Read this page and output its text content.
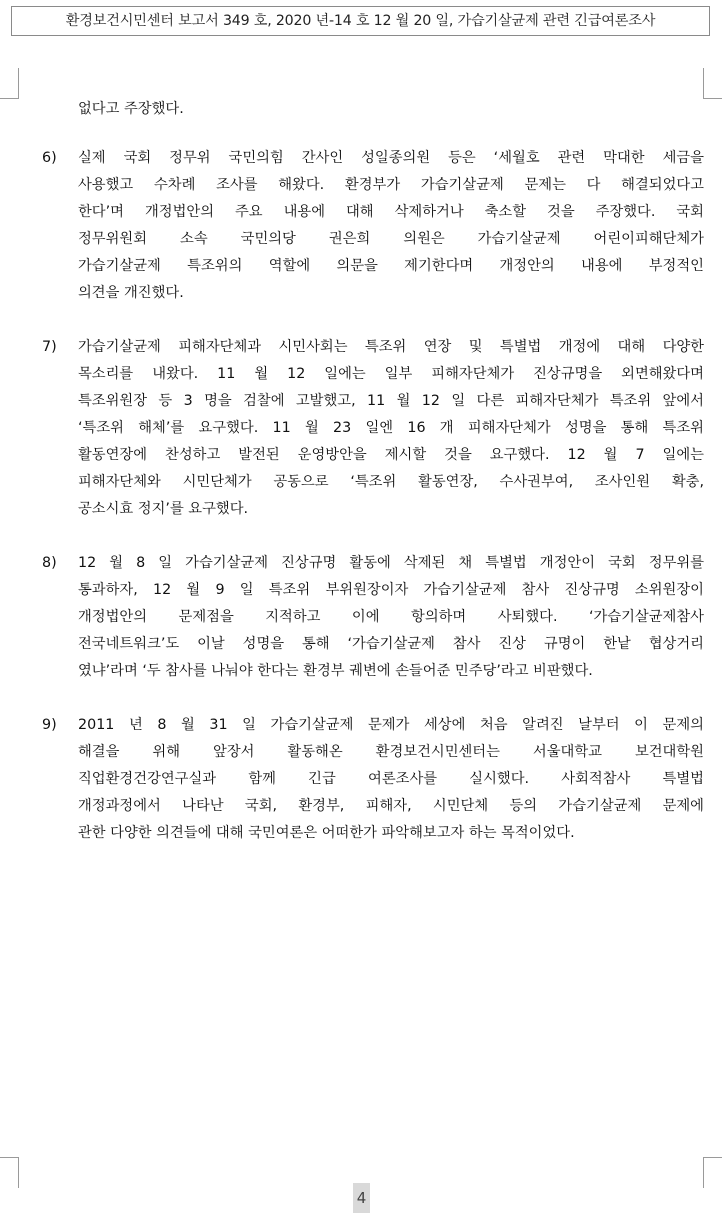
환경보건시민센터 보고서 349 호, 2020 년-14 호 12 월 20 일, 가습기살균제 관련 긴급여론조사
없다고 주장했다.
6) 실제 국회 정무위 국민의힘 간사인 성일종의원 등은 ‘세월호 관련 막대한 세금을
사용했고 수차례 조사를 해왔다. 환경부가 가습기살균제 문제는 다 해결되었다고
한다’며 개정법안의 주요 내용에 대해 삭제하거나 축소할 것을 주장했다. 국회
정무위원회 소속 국민의당 권은희 의원은 가습기살균제 어린이피해단체가
가습기살균제 특조위의 역할에 의문을 제기한다며 개정안의 내용에 부정적인
의견을 개진했다.
7) 가습기살균제 피해자단체과 시민사회는 특조위 연장 및 특별법 개정에 대해 다양한
목소리를 내왔다. 11 월 12 일에는 일부 피해자단체가 진상규명을 외면해왔다며
특조위원장 등 3 명을 검찰에 고발했고, 11 월 12 일 다른 피해자단체가 특조위 앞에서
‘특조위 해체’를 요구했다. 11 월 23 일엔 16 개 피해자단체가 성명을 통해 특조위
활동연장에 찬성하고 발전된 운영방안을 제시할 것을 요구했다. 12 월 7 일에는
피해자단체와 시민단체가 공동으로 ‘특조위 활동연장, 수사권부여, 조사인원 확충,
공소시효 정지’를 요구했다.
8) 12 월 8 일 가습기살균제 진상규명 활동에 삭제된 채 특별법 개정안이 국회 정무위를
통과하자, 12 월 9 일 특조위 부위원장이자 가습기살균제 참사 진상규명 소위원장이
개정법안의 문제점을 지적하고 이에 항의하며 사퇴했다. ‘가습기살균제참사
전국네트워크’도 이날 성명을 통해 ‘가습기살균제 참사 진상 규명이 한낱 협상거리
였냐’라며 ‘두 참사를 나눠야 한다는 환경부 궤변에 손들어준 민주당’라고 비판했다.
9) 2011 년 8 월 31 일 가습기살균제 문제가 세상에 처음 알려진 날부터 이 문제의
해결을 위해 앞장서 활동해온 환경보건시민센터는 서울대학교 보건대학원
직업환경건강연구실과 함께 긴급 여론조사를 실시했다. 사회적참사 특별법
개정과정에서 나타난 국회, 환경부, 피해자, 시민단체 등의 가습기살균제 문제에
관한 다양한 의견들에 대해 국민여론은 어떠한가 파악해보고자 하는 목적이었다.
4
